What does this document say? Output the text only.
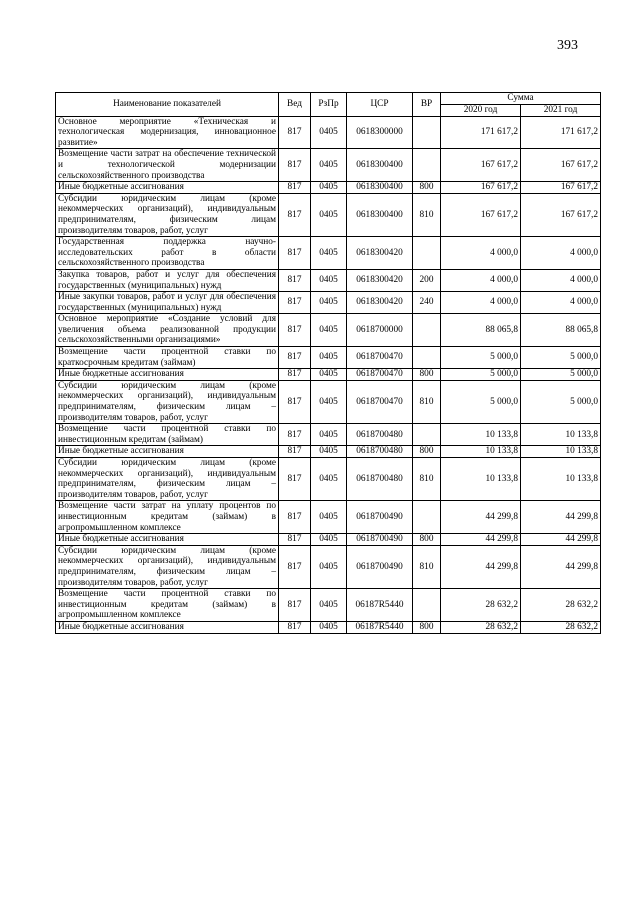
393
Наименование показателей	Вед	РзПр	ЦСР	ВР	Сумма	
					2020 год	2021 год
Основное мероприятие «Техническая и технологическая модернизация, инновационное развитие»	817	0405	0618300000		171 617,2	171 617,2
Возмещение части затрат на обеспечение технической и технологической модернизации сельскохозяйственного производства	817	0405	0618300400		167 617,2	167 617,2
Иные бюджетные ассигнования	817	0405	0618300400	800	167 617,2	167 617,2
Субсидии юридическим лицам (кроме некоммерческих организаций), индивидуальным предпринимателям, физическим лицам производителям товаров, работ, услуг	817	0405	0618300400	810	167 617,2	167 617,2
Государственная поддержка научно-исследовательских работ в области сельскохозяйственного производства	817	0405	0618300420		4 000,0	4 000,0
Закупка товаров, работ и услуг для обеспечения государственных (муниципальных) нужд	817	0405	0618300420	200	4 000,0	4 000,0
Иные закупки товаров, работ и услуг для обеспечения государственных (муниципальных) нужд	817	0405	0618300420	240	4 000,0	4 000,0
Основное мероприятие «Создание условий для увеличения объема реализованной продукции сельскохозяйственными организациями»	817	0405	0618700000		88 065,8	88 065,8
Возмещение части процентной ставки по краткосрочным кредитам (займам)	817	0405	0618700470		5 000,0	5 000,0
Иные бюджетные ассигнования	817	0405	0618700470	800	5 000,0	5 000,0
Субсидии юридическим лицам (кроме некоммерческих организаций), индивидуальным предпринимателям, физическим лицам – производителям товаров, работ, услуг	817	0405	0618700470	810	5 000,0	5 000,0
Возмещение части процентной ставки по инвестиционным кредитам (займам)	817	0405	0618700480		10 133,8	10 133,8
Иные бюджетные ассигнования	817	0405	0618700480	800	10 133,8	10 133,8
Субсидии юридическим лицам (кроме некоммерческих организаций), индивидуальным предпринимателям, физическим лицам – производителям товаров, работ, услуг	817	0405	0618700480	810	10 133,8	10 133,8
Возмещение части затрат на уплату процентов по инвестиционным кредитам (займам) в агропромышленном комплексе	817	0405	0618700490		44 299,8	44 299,8
Иные бюджетные ассигнования	817	0405	0618700490	800	44 299,8	44 299,8
Субсидии юридическим лицам (кроме некоммерческих организаций), индивидуальным предпринимателям, физическим лицам – производителям товаров, работ, услуг	817	0405	0618700490	810	44 299,8	44 299,8
Возмещение части процентной ставки по инвестиционным кредитам (займам) в агропромышленном комплексе	817	0405	06187R5440		28 632,2	28 632,2
Иные бюджетные ассигнования	817	0405	06187R5440	800	28 632,2	28 632,2
